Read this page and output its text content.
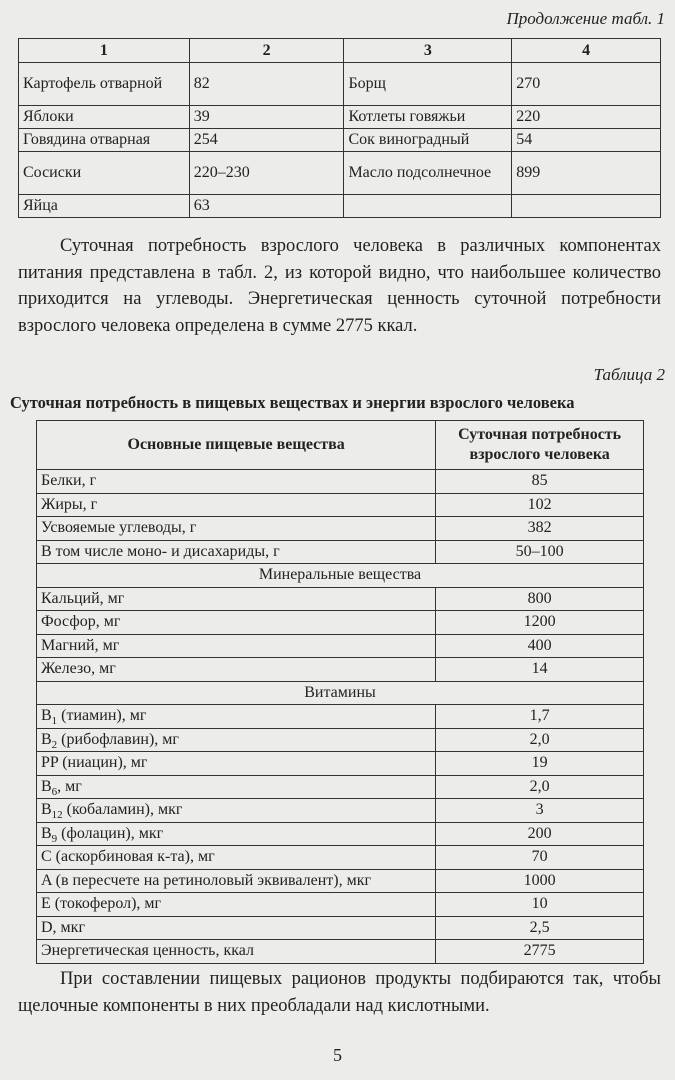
Продолжение табл. 1
1	2	3	4
Картофель отварной	82	Борщ	270
Яблоки	39	Котлеты говяжьи	220
Говядина отварная	254	Сок виноградный	54
Сосиски	220–230	Масло подсолнечное	899
Яйца	63		
Суточная потребность взрослого человека в различных компонентах питания представлена в табл. 2, из которой видно, что наибольшее количество приходится на углеводы. Энергетическая ценность суточной потребности взрослого человека определена в сумме 2775 ккал.
Таблица 2
Суточная потребность в пищевых веществах и энергии взрослого человека
Основные пищевые вещества	Суточная потребность взрослого человека
Белки, г	85
Жиры, г	102
Усвояемые углеводы, г	382
В том числе моно- и дисахариды, г	50–100
Минеральные вещества	
Кальций, мг	800
Фосфор, мг	1200
Магний, мг	400
Железо, мг	14
Витамины	
$B_1$ (тиамин), мг	1,7
$B_2$ (рибофлавин), мг	2,0
PP (ниацин), мг	19
$B_6$, мг	2,0
$B_{12}$ (кобаламин), мкг	3
$B_9$ (фолацин), мкг	200
C (аскорбиновая к-та), мг	70
A (в пересчете на ретиноловый эквивалент), мкг	1000
E (токоферол), мг	10
D, мкг	2,5
Энергетическая ценность, ккал	2775
При составлении пищевых рационов продукты подбираются так, чтобы щелочные компоненты в них преобладали над кислотными.
5
